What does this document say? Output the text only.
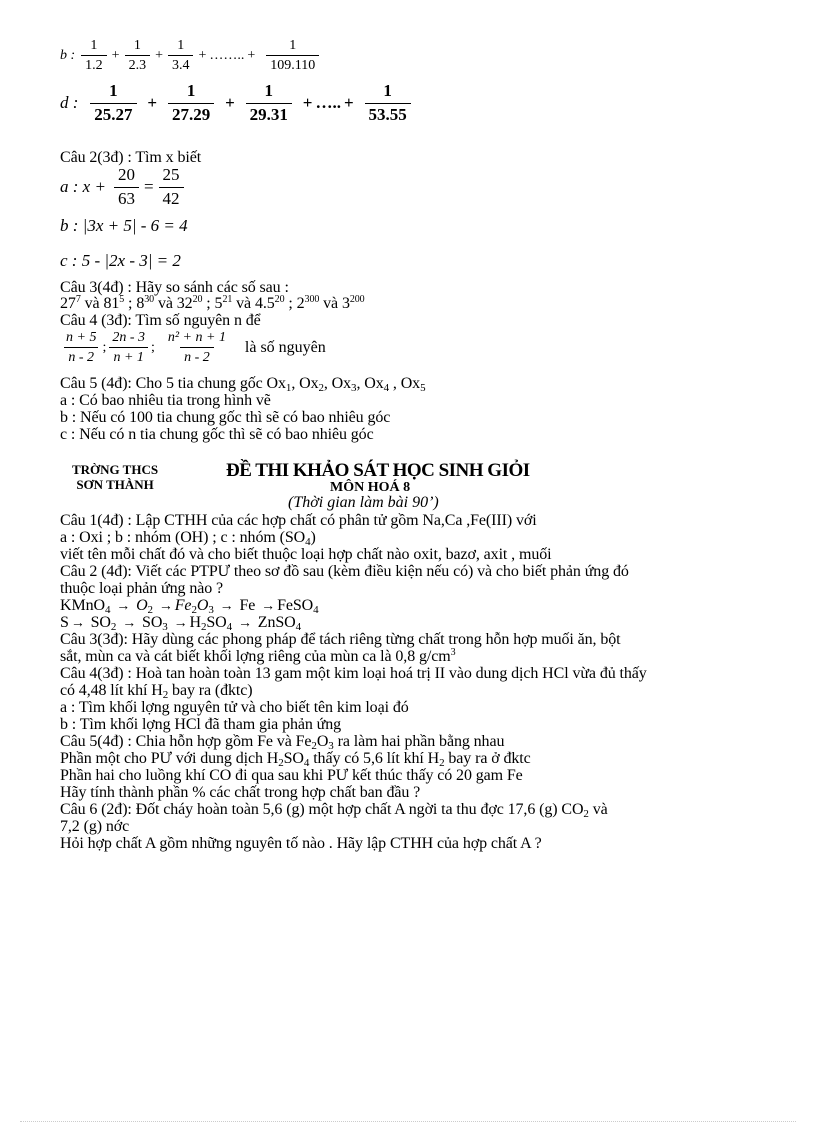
b : $\frac{1}{1.2} + \frac{1}{2.3} + \frac{1}{3.4}$ + …….. + $\frac{1}{109.110}$
d : $\frac{1}{25.27} + \frac{1}{27.29} + \frac{1}{29.31}$ + ….. + $\frac{1}{53.55}$
Câu 2(3đ) : Tìm x biết
a : $x + \frac{20}{63} = \frac{25}{42}$
b : |3x + 5| - 6 = 4
c : 5 - |2x - 3| = 2
Câu 3(4đ) : Hãy so sánh các số sau :
$27^7$ và $81^5$ ; $8^{30}$ và $32^{20}$ ; $5^{21}$ và $4.5^{20}$ ; $2^{300}$ và $3^{200}$
Câu 4 (3đ): Tìm số nguyên n để
$\frac{n + 5}{n - 2}$ ; $\frac{2n - 3}{n + 1}$ ; $\frac{\text{n² + n + 1}}{n - 2}$ là số nguyên
Câu 5 (4đ): Cho 5 tia chung gốc $Ox_1$, $Ox_2$, $Ox_3$, $Ox_4$ , $Ox_5$
a : Có bao nhiêu tia trong hình vẽ
b : Nếu có 100 tia chung gốc thì sẽ có bao nhiêu góc
c : Nếu có n tia chung gốc thì sẽ có bao nhiêu góc
TRỜNG THCS
SƠN THÀNH
ĐỀ THI KHẢO SÁT HỌC SINH GIỎI
MÔN HOÁ 8
(Thời gian làm bài 90’)
Câu 1(4đ) : Lập CTHH của các hợp chất có phân tử gồm Na,Ca ,Fe(III) với
a : Oxi ; b : nhóm (OH) ; c : nhóm $(SO_4)$
viết tên mỗi chất đó và cho biết thuộc loại hợp chất nào oxit, bazơ, axit , muối
Câu 2 (4đ): Viết các PTPƯ theo sơ đồ sau (kèm điều kiện nếu có) và cho biết phản ứng đó
thuộc loại phản ứng nào ?
KMnO$_4$ → $O_2 \to Fe_2O_3 \to Fe$ → FeSO$_4$
$S \to SO_2 \to SO_3 \to H_2SO_4$ → ZnSO$_4$
Câu 3(3đ): Hãy dùng các phong pháp để tách riêng từng chất trong hỗn hợp muối ăn, bột
sắt, mùn ca và cát biết khối lợng riêng của mùn ca là 0,8 $g/cm^3$
Câu 4(3đ) : Hoà tan hoàn toàn 13 gam một kim loại hoá trị II vào dung dịch HCl vừa đủ thấy
có 4,48 lít khí $H_2$ bay ra (đktc)
a : Tìm khối lợng nguyên tử và cho biết tên kim loại đó
b : Tìm khối lợng HCl đã tham gia phản ứng
Câu 5(4đ) : Chia hỗn hợp gồm Fe và $Fe_2O_3$ ra làm hai phần bằng nhau
Phần một cho PƯ với dung dịch $H_2SO_4$ thấy có 5,6 lít khí $H_2$ bay ra ở đktc
Phần hai cho luồng khí CO đi qua sau khi PƯ kết thúc thấy có 20 gam Fe
Hãy tính thành phần % các chất trong hợp chất ban đầu ?
Câu 6 (2đ): Đốt cháy hoàn toàn 5,6 (g) một hợp chất A ngời ta thu đợc 17,6 (g) $CO_2$ và
7,2 (g) nớc
Hỏi hợp chất A gồm những nguyên tố nào . Hãy lập CTHH của hợp chất A ?
